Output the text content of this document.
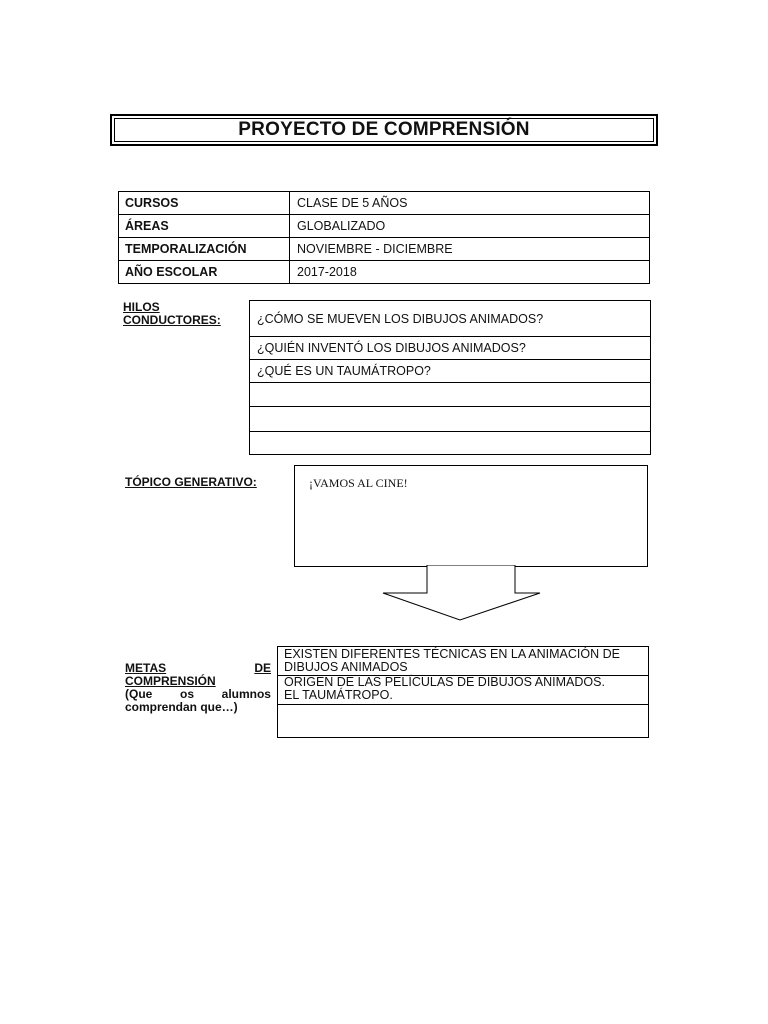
PROYECTO DE COMPRENSIÓN
CURSOS	CLASE DE 5 AÑOS
ÁREAS	GLOBALIZADO
TEMPORALIZACIÓN	NOVIEMBRE - DICIEMBRE
AÑO ESCOLAR	2017-2018
HILOS
CONDUCTORES:	¿CÓMO SE MUEVEN LOS DIBUJOS ANIMADOS?
¿QUIÉN INVENTÓ LOS DIBUJOS ANIMADOS?
¿QUÉ ES UN TAUMÁTROPO?

TÓPICO GENERATIVO:	¡VAMOS AL CINE!
METAS	DE
COMPRENSIÓN
(Que os alumnos
comprendan que…)
EXISTEN DIFERENTES TÉCNICAS EN LA ANIMACIÓN DE
DIBUJOS ANIMADOS

ORIGEN DE LAS PELÍCULAS DE DIBUJOS ANIMADOS.
EL TAUMÁTROPO.
